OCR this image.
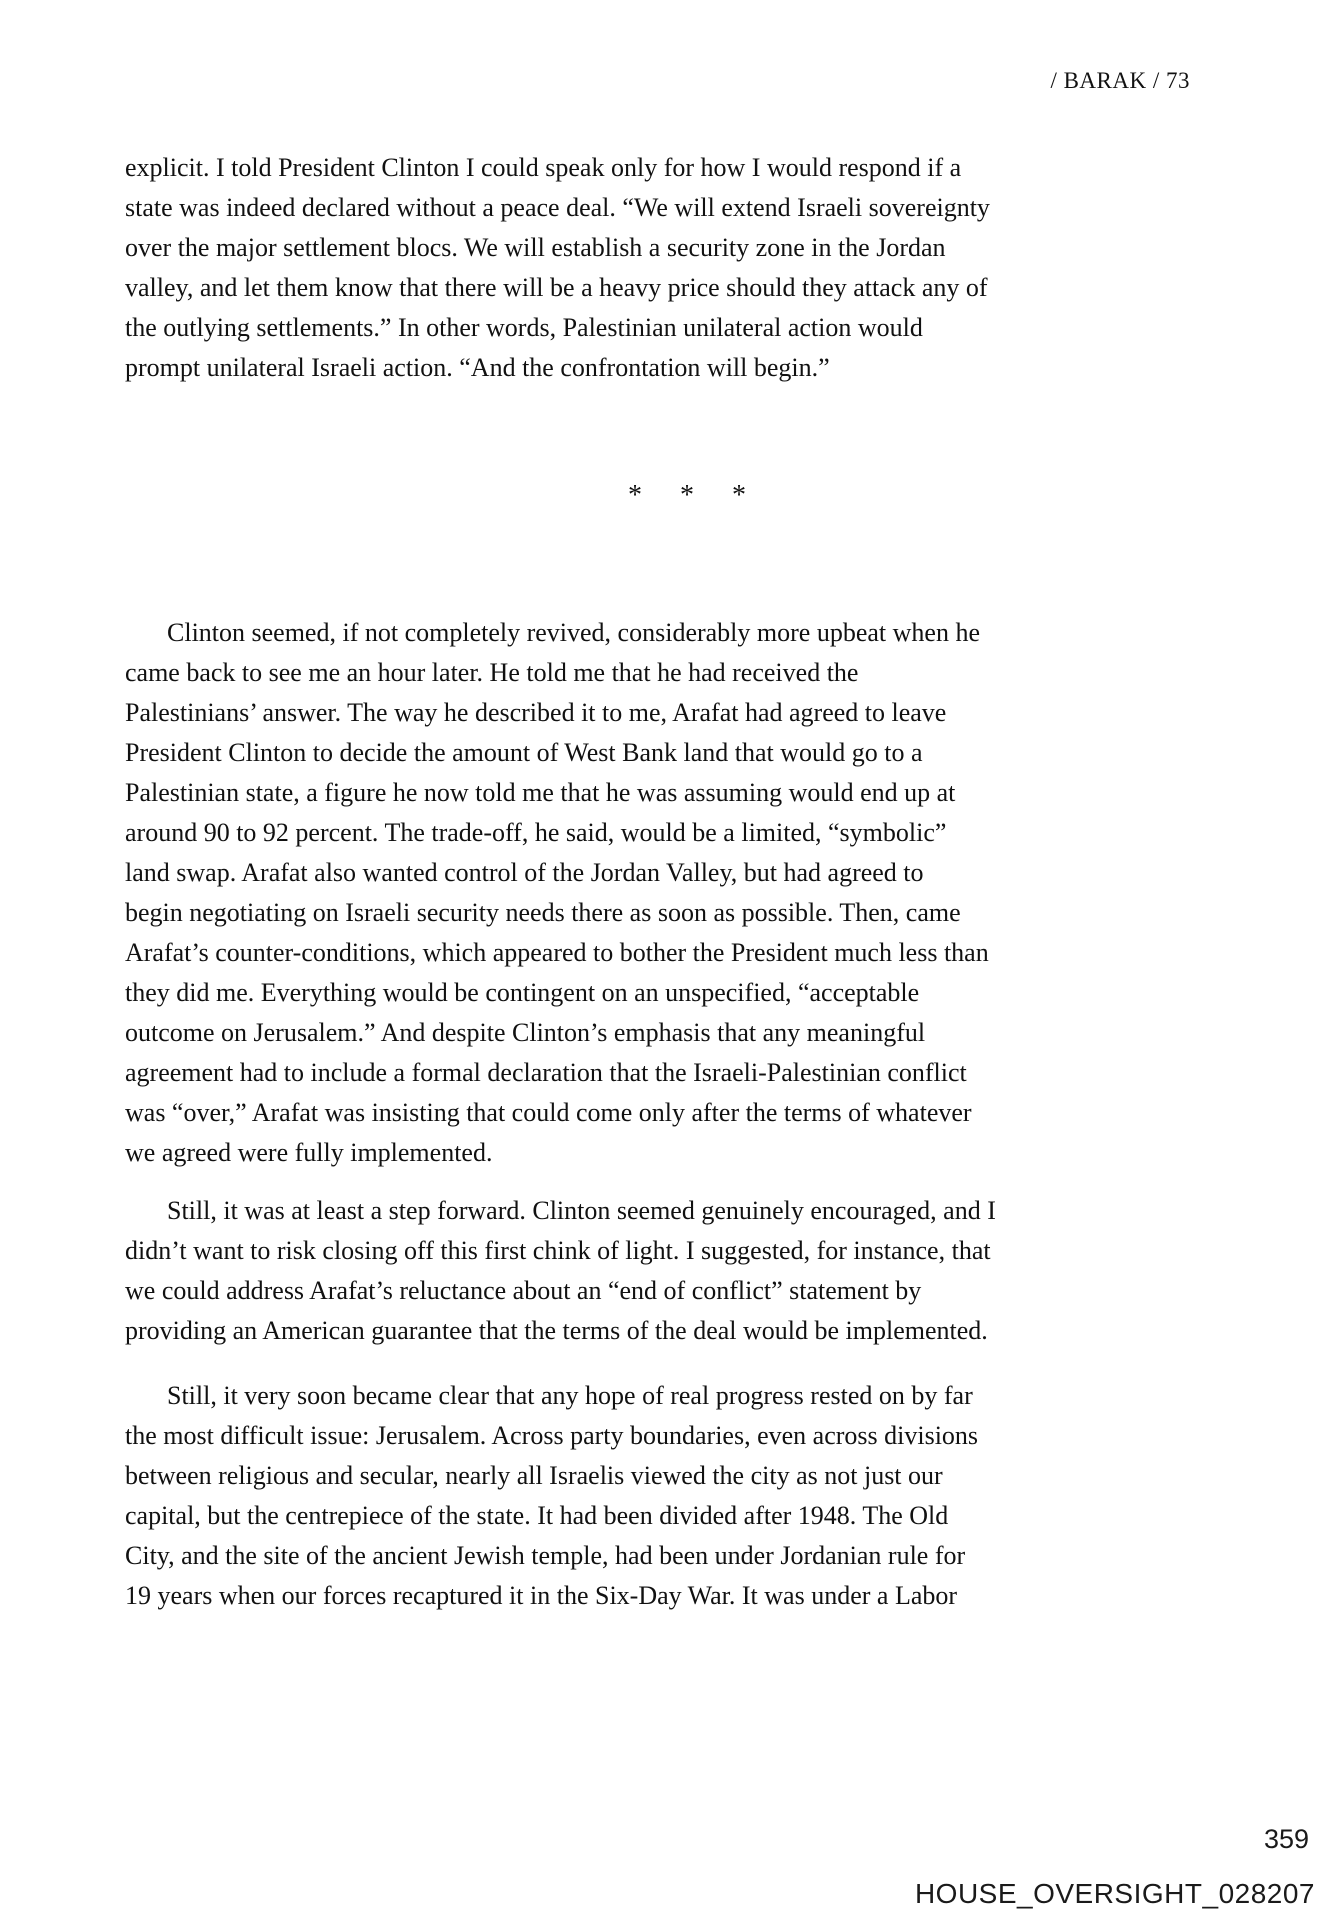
/ BARAK / 73
explicit. I told President Clinton I could speak only for how I would respond if a
state was indeed declared without a peace deal. “We will extend Israeli sovereignty
over the major settlement blocs. We will establish a security zone in the Jordan
valley, and let them know that there will be a heavy price should they attack any of
the outlying settlements.” In other words, Palestinian unilateral action would
prompt unilateral Israeli action. “And the confrontation will begin.”
* * *
Clinton seemed, if not completely revived, considerably more upbeat when he
came back to see me an hour later. He told me that he had received the
Palestinians’ answer. The way he described it to me, Arafat had agreed to leave
President Clinton to decide the amount of West Bank land that would go to a
Palestinian state, a figure he now told me that he was assuming would end up at
around 90 to 92 percent. The trade-off, he said, would be a limited, “symbolic”
land swap. Arafat also wanted control of the Jordan Valley, but had agreed to
begin negotiating on Israeli security needs there as soon as possible. Then, came
Arafat’s counter-conditions, which appeared to bother the President much less than
they did me. Everything would be contingent on an unspecified, “acceptable
outcome on Jerusalem.” And despite Clinton’s emphasis that any meaningful
agreement had to include a formal declaration that the Israeli-Palestinian conflict
was “over,” Arafat was insisting that could come only after the terms of whatever
we agreed were fully implemented.
Still, it was at least a step forward. Clinton seemed genuinely encouraged, and I
didn’t want to risk closing off this first chink of light. I suggested, for instance, that
we could address Arafat’s reluctance about an “end of conflict” statement by
providing an American guarantee that the terms of the deal would be implemented.
Still, it very soon became clear that any hope of real progress rested on by far
the most difficult issue: Jerusalem. Across party boundaries, even across divisions
between religious and secular, nearly all Israelis viewed the city as not just our
capital, but the centrepiece of the state. It had been divided after 1948. The Old
City, and the site of the ancient Jewish temple, had been under Jordanian rule for
19 years when our forces recaptured it in the Six-Day War. It was under a Labor
359
HOUSE_OVERSIGHT_028207
